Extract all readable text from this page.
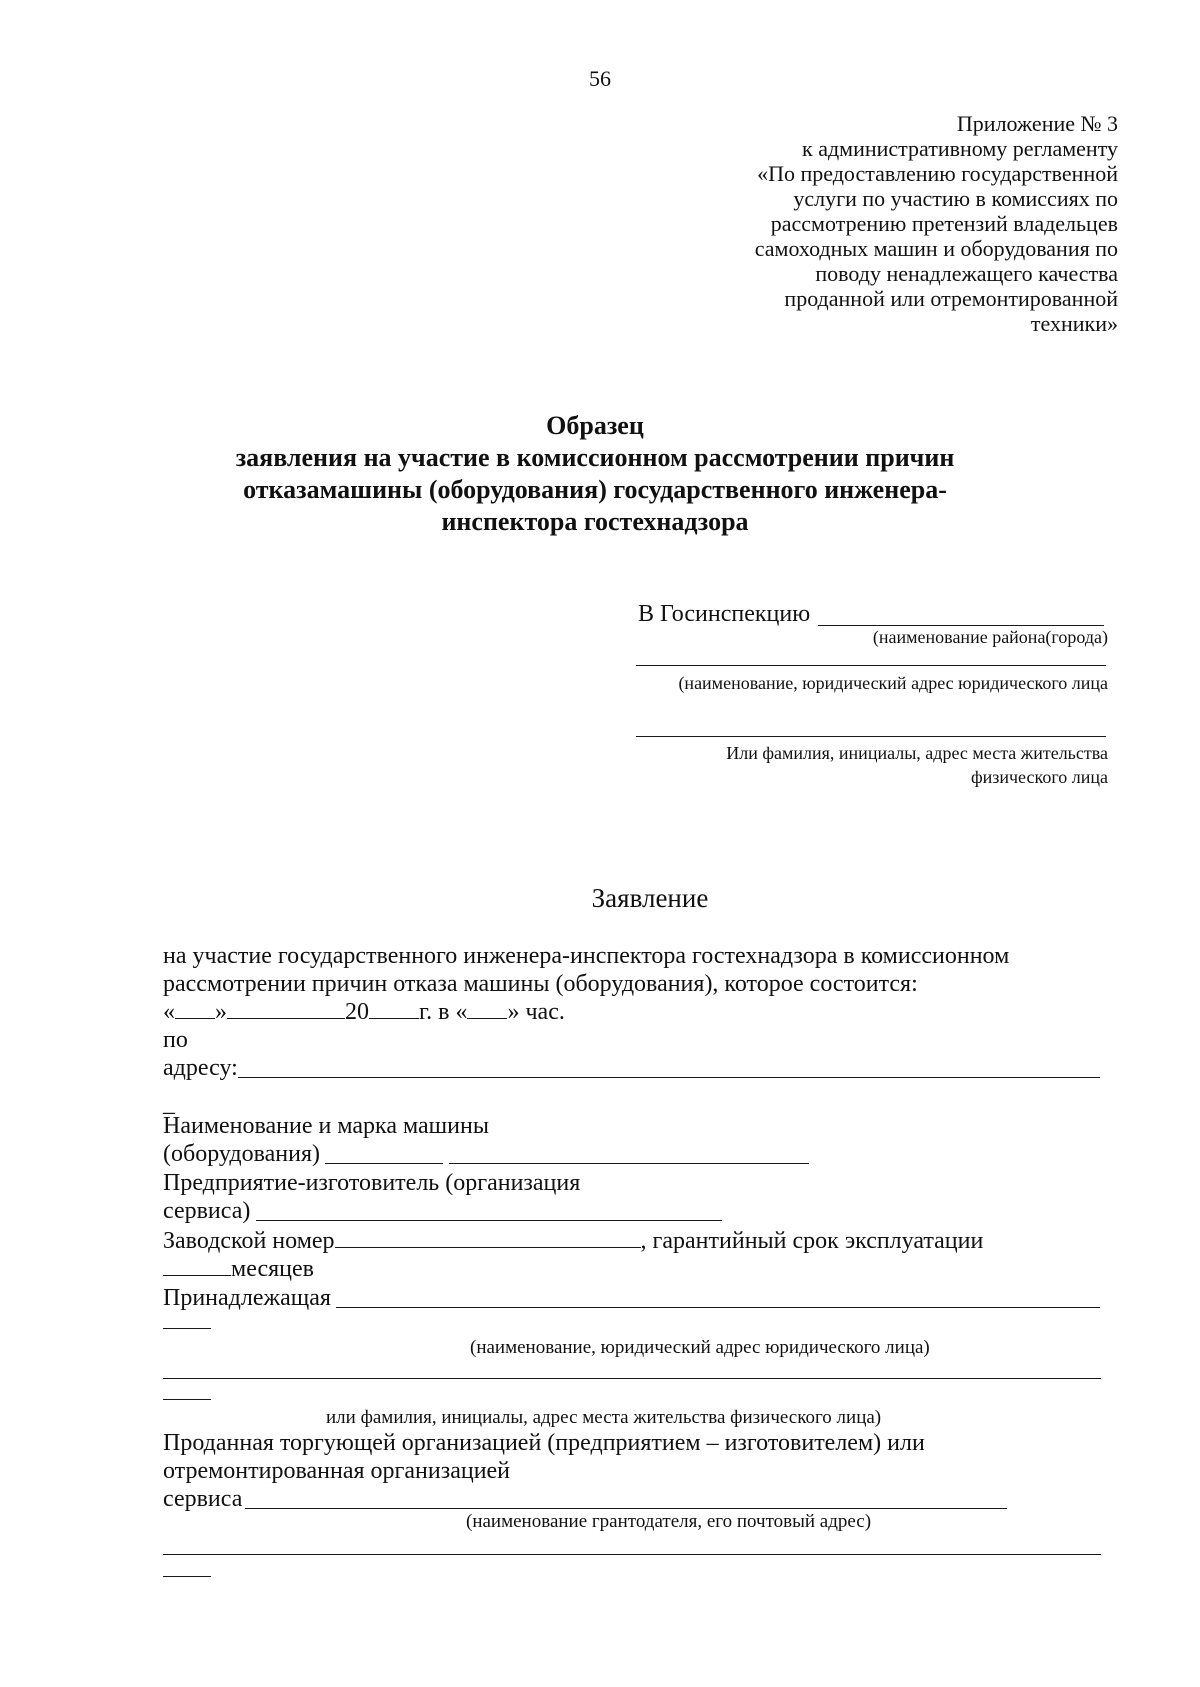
56
Приложение № 3
к административному регламенту
«По предоставлению государственной
услуги по участию в комиссиях по
рассмотрению претензий владельцев
самоходных машин и оборудования по
поводу ненадлежащего качества
проданной или отремонтированной
техники»
Образец
заявления на участие в комиссионном рассмотрении причин
отказамашины (оборудования) государственного инженера-
инспектора гостехнадзора
В Госинспекцию
(наименование района(города)
(наименование, юридический адрес юридического лица
Или фамилия, инициалы, адрес места жительства
физического лица
Заявление
на участие государственного инженера-инспектора гостехнадзора в комиссионном
рассмотрении причин отказа машины (оборудования), которое состоится:
« »	20 г. в « » час.
по
адресу:
_
Наименование и марка машины
(оборудования)
Предприятие-изготовитель (организация
сервиса)
Заводской номер	, гарантийный срок эксплуатации
месяцев
Принадлежащая
(наименование, юридический адрес юридического лица)
или фамилия, инициалы, адрес места жительства физического лица)
Проданная торгующей организацией (предприятием – изготовителем) или
отремонтированная организацией
сервиса
(наименование грантодателя, его почтовый адрес)
